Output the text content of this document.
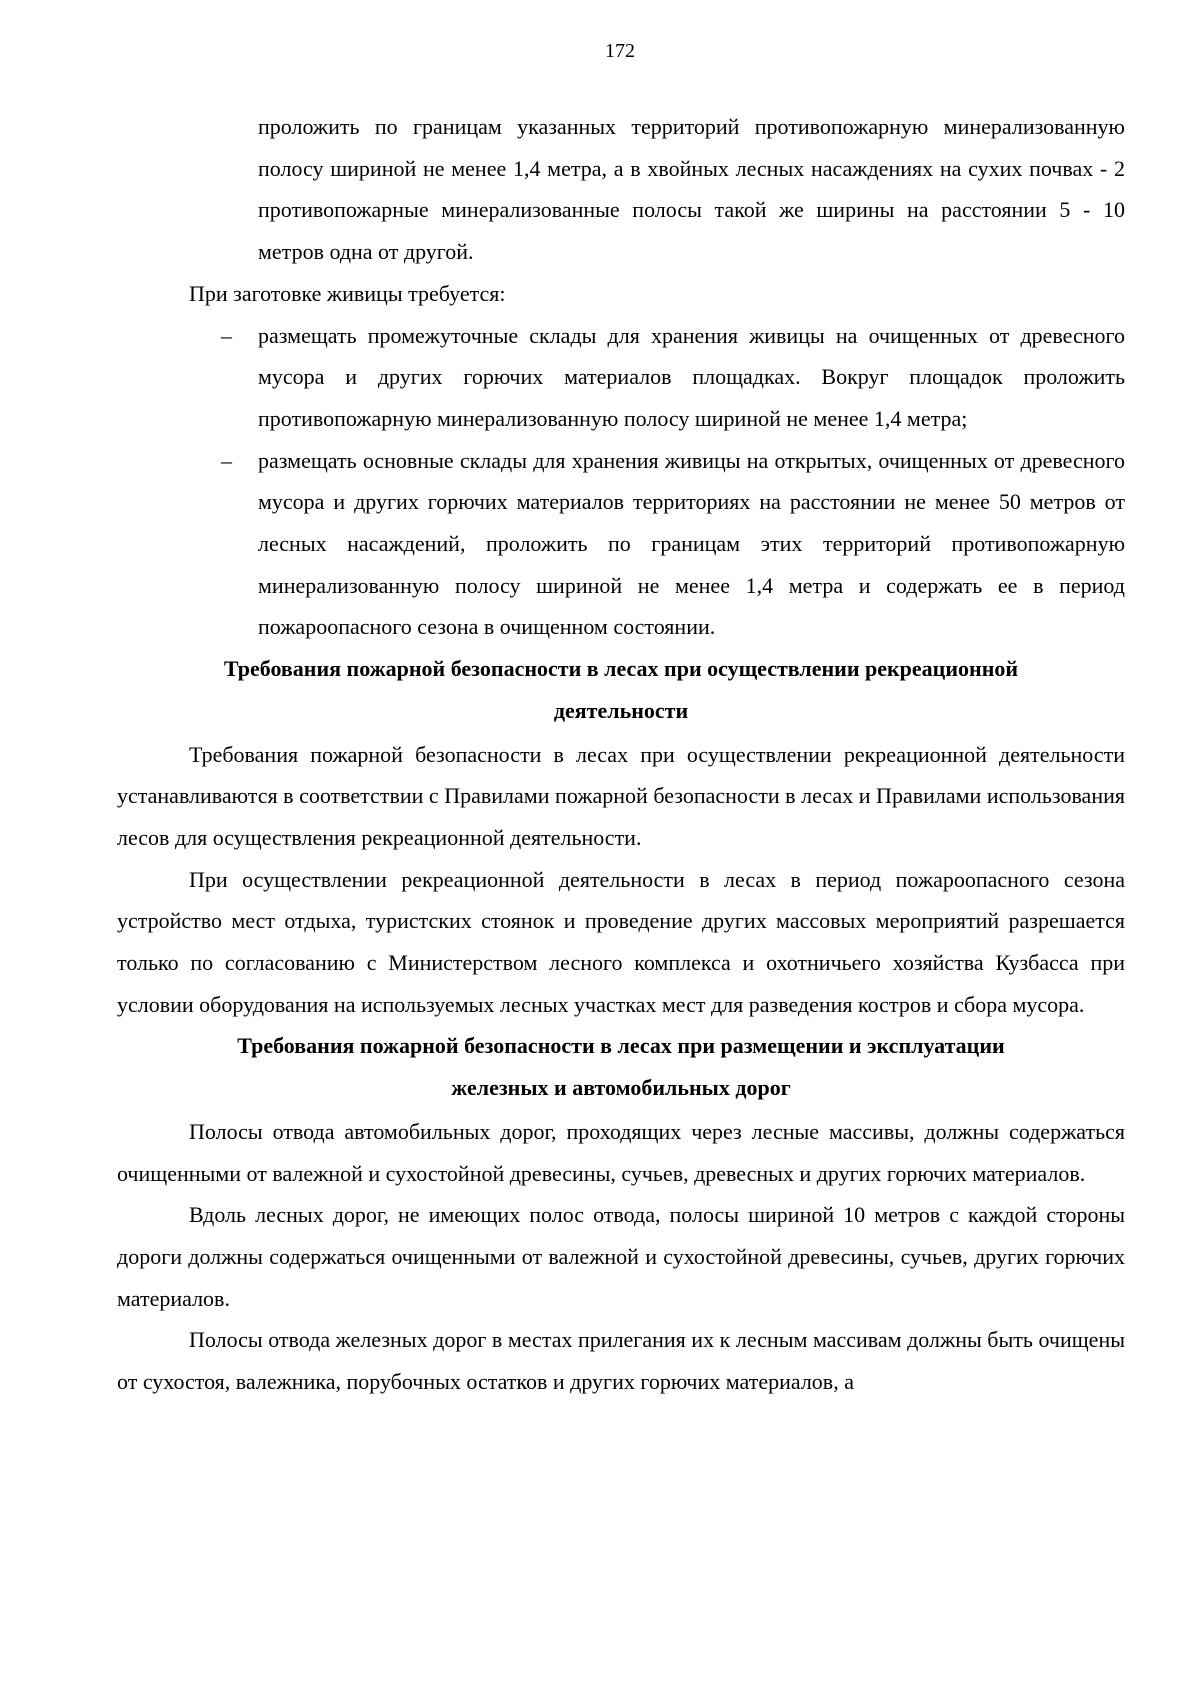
172

проложить по границам указанных территорий противопожарную минерализованную полосу шириной не менее 1,4 метра, а в хвойных лесных насаждениях на сухих почвах - 2 противопожарные минерализованные полосы такой же ширины на расстоянии 5 - 10 метров одна от другой.

При заготовке живицы требуется:

– размещать промежуточные склады для хранения живицы на очищенных от древесного мусора и других горючих материалов площадках. Вокруг площадок проложить противопожарную минерализованную полосу шириной не менее 1,4 метра;

– размещать основные склады для хранения живицы на открытых, очищенных от древесного мусора и других горючих материалов территориях на расстоянии не менее 50 метров от лесных насаждений, проложить по границам этих территорий противопожарную минерализованную полосу шириной не менее 1,4 метра и содержать ее в период пожароопасного сезона в очищенном состоянии.

Требования пожарной безопасности в лесах при осуществлении рекреационной
деятельности

Требования пожарной безопасности в лесах при осуществлении рекреационной деятельности устанавливаются в соответствии с Правилами пожарной безопасности в лесах и Правилами использования лесов для осуществления рекреационной деятельности.

При осуществлении рекреационной деятельности в лесах в период пожароопасного сезона устройство мест отдыха, туристских стоянок и проведение других массовых мероприятий разрешается только по согласованию с Министерством лесного комплекса и охотничьего хозяйства Кузбасса при условии оборудования на используемых лесных участках мест для разведения костров и сбора мусора.

Требования пожарной безопасности в лесах при размещении и эксплуатации
железных и автомобильных дорог

Полосы отвода автомобильных дорог, проходящих через лесные массивы, должны содержаться очищенными от валежной и сухостойной древесины, сучьев, древесных и других горючих материалов.

Вдоль лесных дорог, не имеющих полос отвода, полосы шириной 10 метров с каждой стороны дороги должны содержаться очищенными от валежной и сухостойной древесины, сучьев, других горючих материалов.

Полосы отвода железных дорог в местах прилегания их к лесным массивам должны быть очищены от сухостоя, валежника, порубочных остатков и других горючих материалов, а
